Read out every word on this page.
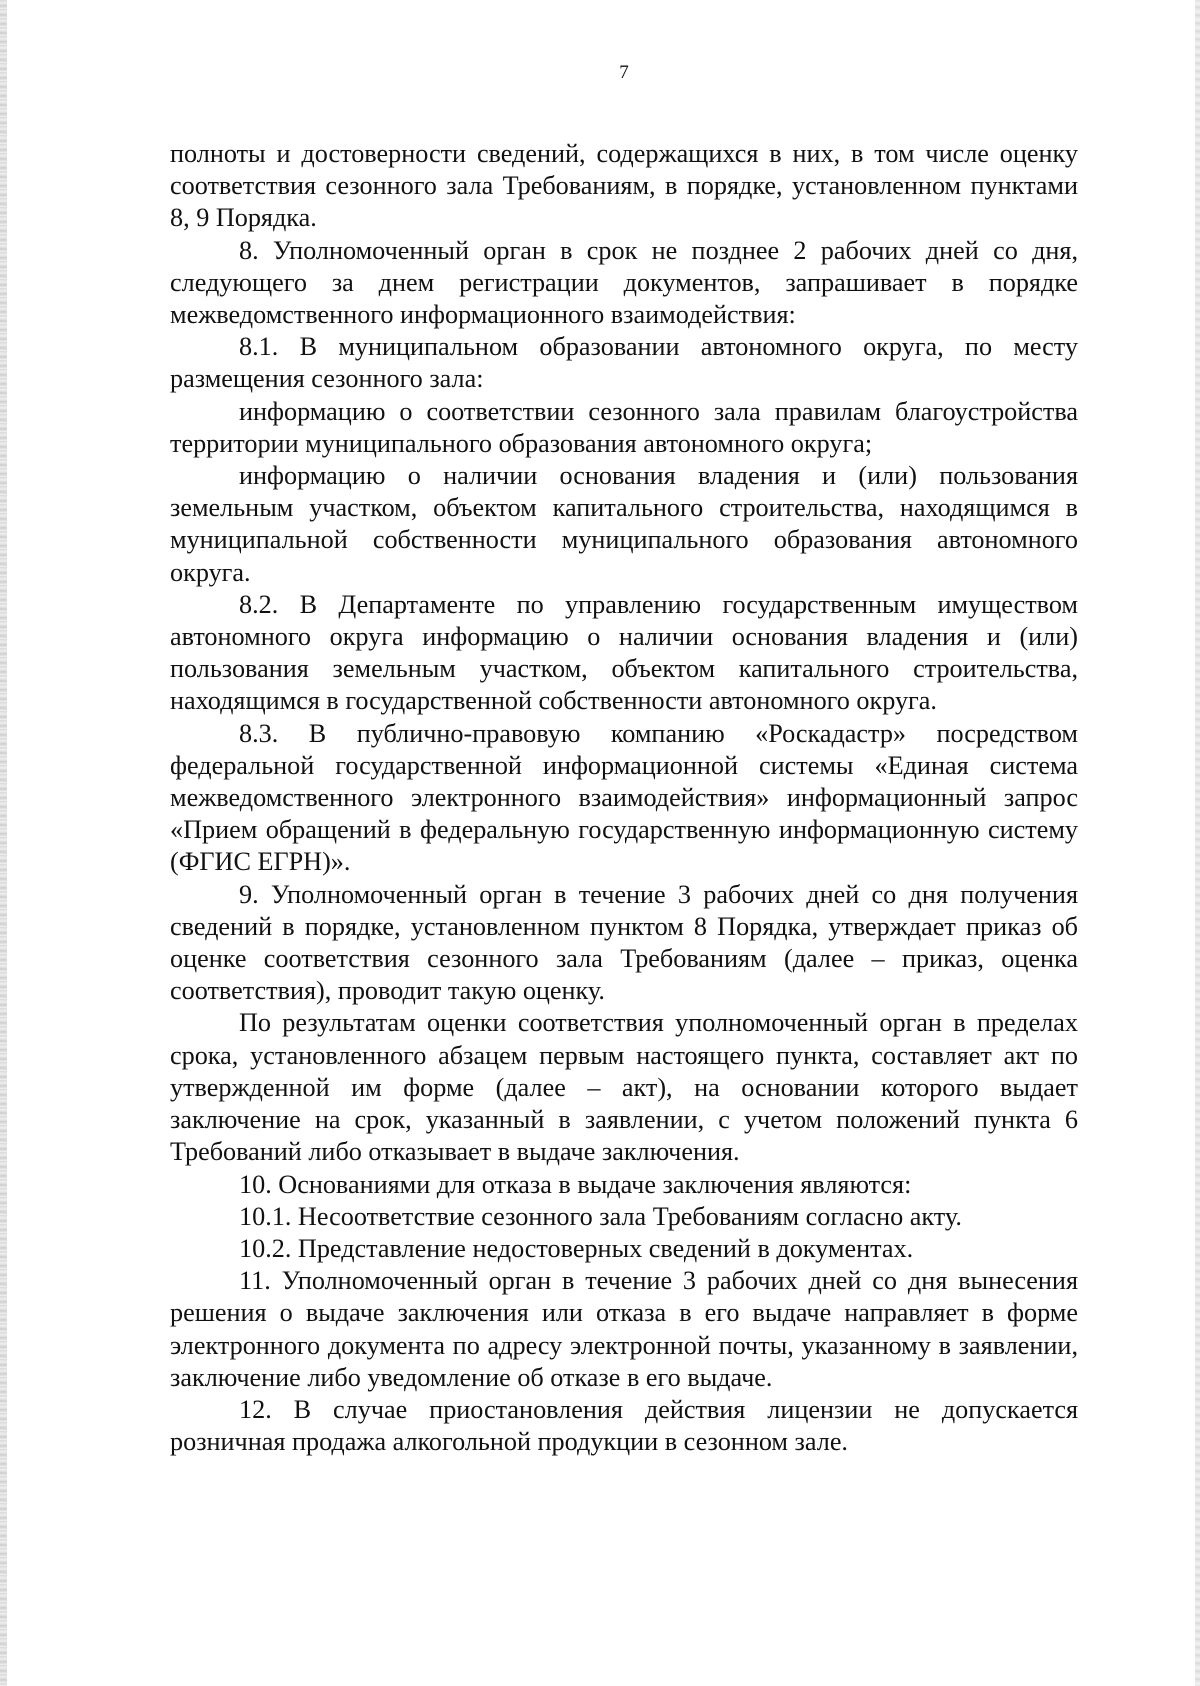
7

полноты и достоверности сведений, содержащихся в них, в том числе оценку соответствия сезонного зала Требованиям, в порядке, установленном пунктами 8, 9 Порядка.

8. Уполномоченный орган в срок не позднее 2 рабочих дней со дня, следующего за днем регистрации документов, запрашивает в порядке межведомственного информационного взаимодействия:

8.1. В муниципальном образовании автономного округа, по месту размещения сезонного зала:

информацию о соответствии сезонного зала правилам благоустройства территории муниципального образования автономного округа;

информацию о наличии основания владения и (или) пользования земельным участком, объектом капитального строительства, находящимся в муниципальной собственности муниципального образования автономного округа.

8.2. В Департаменте по управлению государственным имуществом автономного округа информацию о наличии основания владения и (или) пользования земельным участком, объектом капитального строительства, находящимся в государственной собственности автономного округа.

8.3. В публично-правовую компанию «Роскадастр» посредством федеральной государственной информационной системы «Единая система межведомственного электронного взаимодействия» информационный запрос «Прием обращений в федеральную государственную информационную систему (ФГИС ЕГРН)».

9. Уполномоченный орган в течение 3 рабочих дней со дня получения сведений в порядке, установленном пунктом 8 Порядка, утверждает приказ об оценке соответствия сезонного зала Требованиям (далее – приказ, оценка соответствия), проводит такую оценку.

По результатам оценки соответствия уполномоченный орган в пределах срока, установленного абзацем первым настоящего пункта, составляет акт по утвержденной им форме (далее – акт), на основании которого выдает заключение на срок, указанный в заявлении, с учетом положений пункта 6 Требований либо отказывает в выдаче заключения.

10. Основаниями для отказа в выдаче заключения являются:

10.1. Несоответствие сезонного зала Требованиям согласно акту.

10.2. Представление недостоверных сведений в документах.

11. Уполномоченный орган в течение 3 рабочих дней со дня вынесения решения о выдаче заключения или отказа в его выдаче направляет в форме электронного документа по адресу электронной почты, указанному в заявлении, заключение либо уведомление об отказе в его выдаче.

12. В случае приостановления действия лицензии не допускается розничная продажа алкогольной продукции в сезонном зале.
